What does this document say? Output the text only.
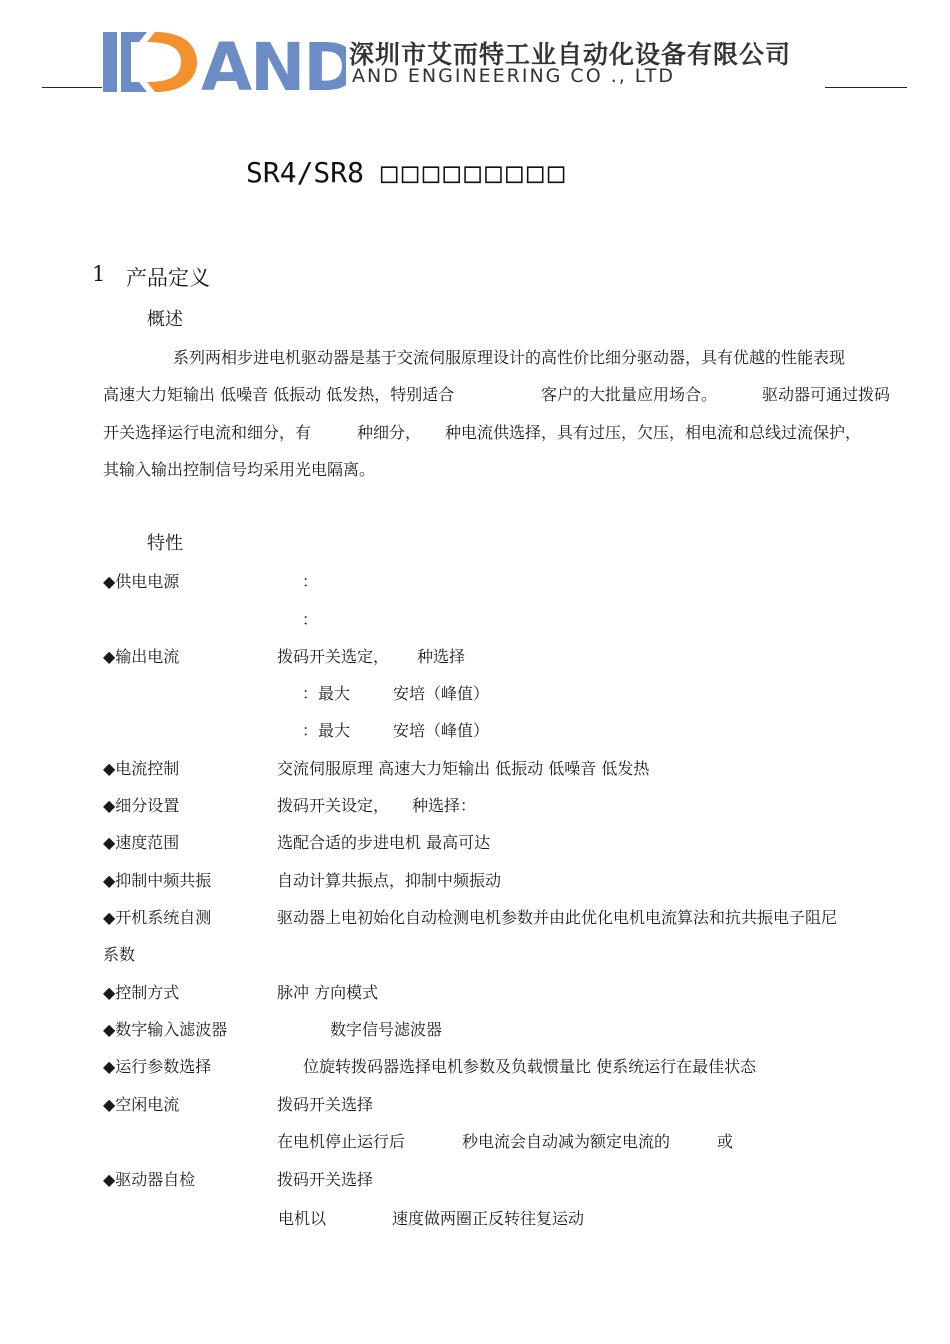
AND
深圳市艾而特工业自动化设备有限公司
AND ENGINEERING CO ., LTD
SR4/SR8 □□□□□□□□□
1 产品定义
概述
系列两相步进电机驱动器是基于交流伺服原理设计的高性价比细分驱动器，具有优越的性能表现
高速大力矩输出 低噪音 低振动 低发热，特别适合	客户的大批量应用场合。	驱动器可通过拨码
开关选择运行电流和细分，有	种细分， 种电流供选择，具有过压，欠压，相电流和总线过流保护，
其输入输出控制信号均采用光电隔离。
特性
◆供电电源	：
：
◆输出电流	拨码开关选定， 种选择
：最大	安培（峰值）
：最大	安培（峰值）
◆电流控制	交流伺服原理 高速大力矩输出 低振动 低噪音 低发热
◆细分设置	拨码开关设定， 种选择：
◆速度范围	选配合适的步进电机 最高可达
◆抑制中频共振	自动计算共振点，抑制中频振动
◆开机系统自测	驱动器上电初始化自动检测电机参数并由此优化电机电流算法和抗共振电子阻尼
系数
◆控制方式	脉冲 方向模式
◆数字输入滤波器	数字信号滤波器
◆运行参数选择	位旋转拨码器选择电机参数及负载惯量比 使系统运行在最佳状态
◆空闲电流	拨码开关选择
在电机停止运行后	秒电流会自动减为额定电流的	或
◆驱动器自检	拨码开关选择
电机以	速度做两圈正反转往复运动
